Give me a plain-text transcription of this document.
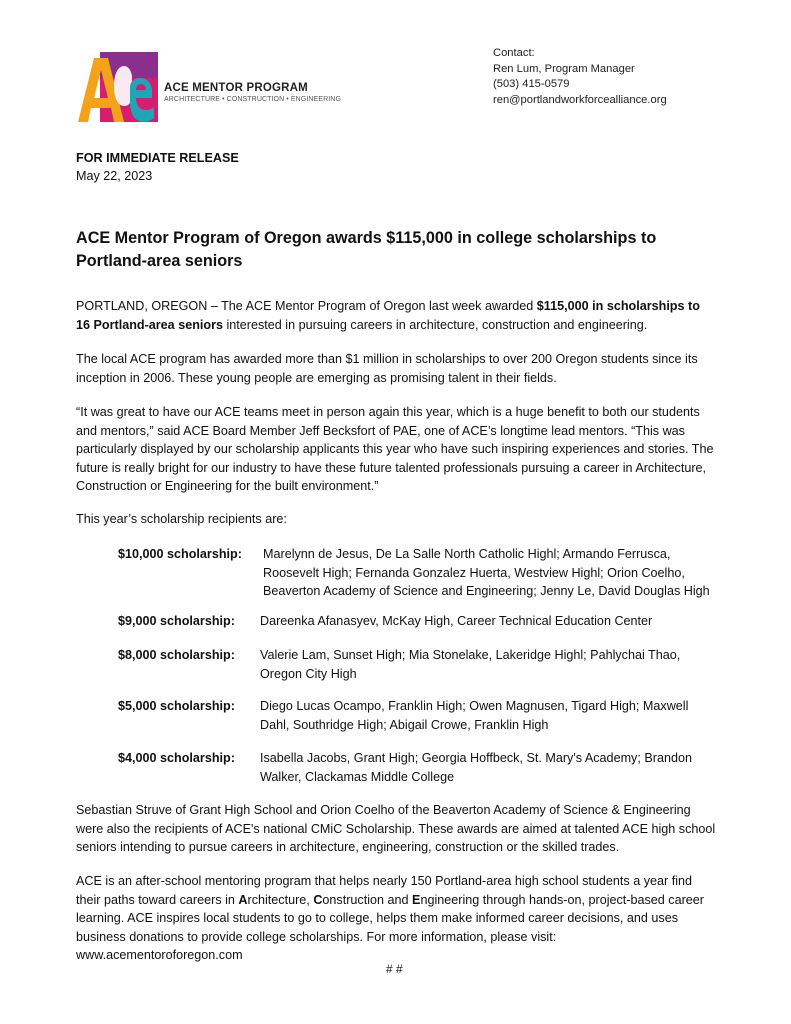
ACE MENTOR PROGRAM
ARCHITECTURE • CONSTRUCTION • ENGINEERING
Contact:
Ren Lum, Program Manager
(503) 415-0579
ren@portlandworkforcealliance.org
FOR IMMEDIATE RELEASE
May 22, 2023
ACE Mentor Program of Oregon awards $115,000 in college scholarships to Portland-area seniors
PORTLAND, OREGON – The ACE Mentor Program of Oregon last week awarded $115,000 in scholarships to 16 Portland-area seniors interested in pursuing careers in architecture, construction and engineering.
The local ACE program has awarded more than $1 million in scholarships to over 200 Oregon students since its inception in 2006. These young people are emerging as promising talent in their fields.
“It was great to have our ACE teams meet in person again this year, which is a huge benefit to both our students and mentors,” said ACE Board Member Jeff Becksfort of PAE, one of ACE’s longtime lead mentors. “This was particularly displayed by our scholarship applicants this year who have such inspiring experiences and stories. The future is really bright for our industry to have these future talented professionals pursuing a career in Architecture, Construction or Engineering for the built environment.”
This year’s scholarship recipients are:
$10,000 scholarship: Marelynn de Jesus, De La Salle North Catholic Highl; Armando Ferrusca, Roosevelt High; Fernanda Gonzalez Huerta, Westview Highl; Orion Coelho, Beaverton Academy of Science and Engineering; Jenny Le, David Douglas High
$9,000 scholarship: Dareenka Afanasyev, McKay High, Career Technical Education Center
$8,000 scholarship: Valerie Lam, Sunset High; Mia Stonelake, Lakeridge Highl; Pahlychai Thao, Oregon City High
$5,000 scholarship: Diego Lucas Ocampo, Franklin High; Owen Magnusen, Tigard High; Maxwell Dahl, Southridge High; Abigail Crowe, Franklin High
$4,000 scholarship: Isabella Jacobs, Grant High; Georgia Hoffbeck, St. Mary's Academy; Brandon Walker, Clackamas Middle College
Sebastian Struve of Grant High School and Orion Coelho of the Beaverton Academy of Science & Engineering were also the recipients of ACE's national CMiC Scholarship. These awards are aimed at talented ACE high school seniors intending to pursue careers in architecture, engineering, construction or the skilled trades.
ACE is an after-school mentoring program that helps nearly 150 Portland-area high school students a year find their paths toward careers in Architecture, Construction and Engineering through hands-on, project-based career learning. ACE inspires local students to go to college, helps them make informed career decisions, and uses business donations to provide college scholarships. For more information, please visit: www.acementoroforegon.com
# #
